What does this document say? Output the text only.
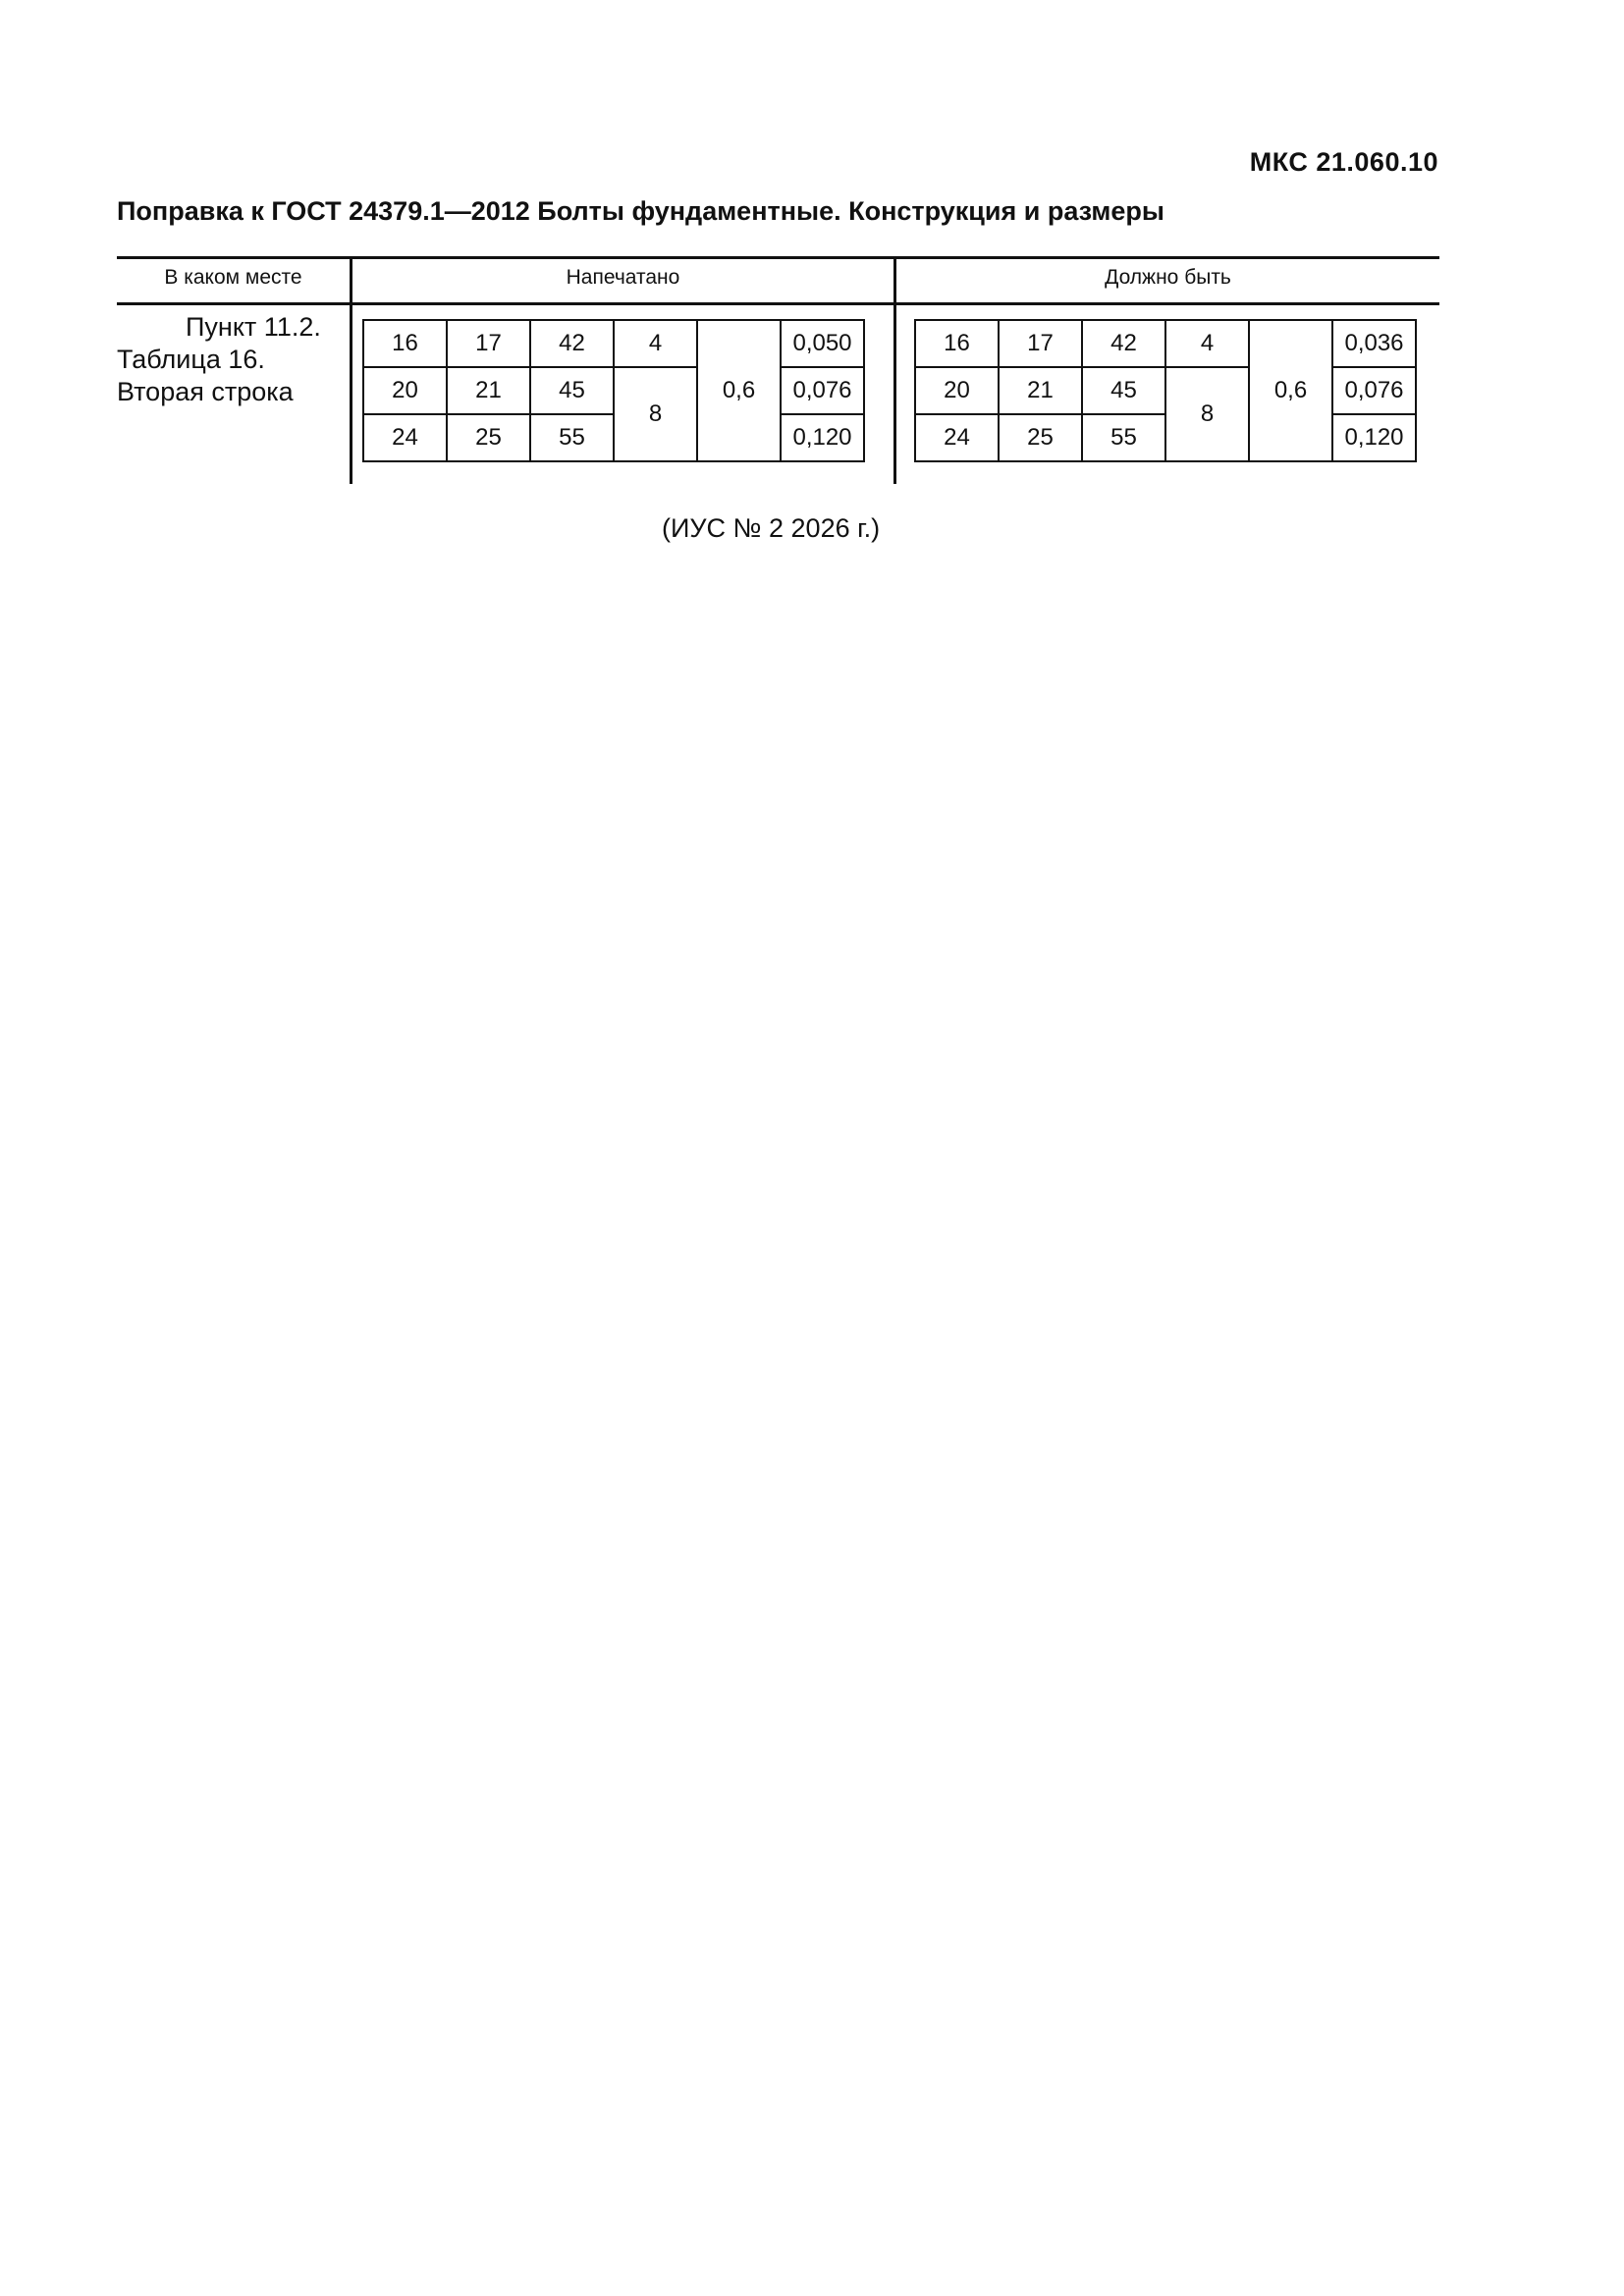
МКС 21.060.10
Поправка к ГОСТ 24379.1—2012 Болты фундаментные. Конструкция и размеры
В каком месте	Напечатано	Должно быть
Пункт 11.2.
Таблица 16.
Вторая строка
16	17	42	4	0,6	0,050
20	21	45	8		0,076
24	25	55			0,120
16	17	42	4	0,6	0,036
20	21	45	8		0,076
24	25	55			0,120
(ИУС № 2 2026 г.)
